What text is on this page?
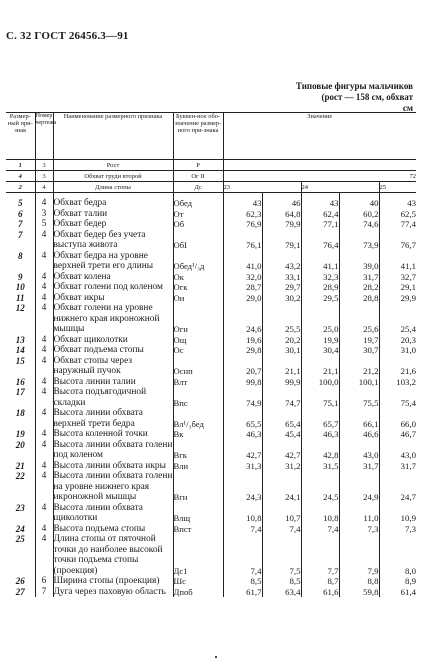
С. 32 ГОСТ 26456.3—91
Типовые фигуры мальчиков
(рост — 158 см, обхват
см
Размер-ный при-знак	Номер чертежа	Наименование размерного признака	Буквен-ное обо-значение размер-ного при-знака	Значение				
1	3	Рост	Р					
4	3	Обхват груди второй	Ог II					72
2	4	Длина стопы	Дс	23		24		25

5	4	Обхват бедра	Обед	43	46	43	40	43
6	3	Обхват талии	От	62,3	64,8	62,4	60,2	62,5
7	5	Обхват бедер	Об	76,9	79,9	77,1	74,6	77,4
7	4	Обхват бедер без учета выступа живота	ОбI	76,1	79,1	76,4	73,9	76,7
8	4	Обхват бедра на уровне верхней трети его длины	Обед¹/₃д	41,0	43,2	41,1	39,0	41,1
9	4	Обхват колена	Ок	32,0	33,1	32,3	31,7	32,7
10	4	Обхват голени под коленом	Огк	28,7	29,7	28,9	28,2	29,1
11	4	Обхват икры	Ои	29,0	30,2	29,5	28,8	29,9
12	4	Обхват голени на уровне нижнего края икроножной мышцы	Огн	24,6	25,5	25,0	25,6	25,4
13	4	Обхват щиколотки	Ощ	19,6	20,2	19,9	19,7	20,3
14	4	Обхват подъема стопы	Ос	29,8	30,1	30,4	30,7	31,0
15	4	Обхват стопы через наружный пучок	Оснп	20,7	21,1	21,1	21,2	21,6
16	4	Высота линии талии	Влт	99,8	99,9	100,0	100,1	103,2
17	4	Высота подъягодичной складки	Впс	74,9	74,7	75,1	75,5	75,4
18	4	Высота линии обхвата верхней трети бедра	Вл¹/₃бед	65,5	65,4	65,7	66,1	66,0
19	4	Высота коленной точки	Вк	46,3	45,4	46,3	46,6	46,7
20	4	Высота линии обхвата голени под коленом	Вгк	42,7	42,7	42,8	43,0	43,0
21	4	Высота линии обхвата икры	Вли	31,3	31,2	31,5	31,7	31,7
22	4	Высота линии обхвата голени на уровне нижнего края икроножной мышцы	Вгн	24,3	24,1	24,5	24,9	24,7
23	4	Высота линии обхвата щиколотки	Влщ	10,8	10,7	10,8	11,0	10,9
24	4	Высота подъема стопы	Впст	7,4	7,4	7,4	7,3	7,3
25	4	Длина стопы от пяточной точки до наиболее высокой точки подъема стопы (проекция)	Дс1	7,4	7,5	7,7	7,9	8,0
26	6	Ширина стопы (проекция)	Шс	8,5	8,5	8,7	8,8	8,9
27	7	Дуга через паховую область	Дпоб	61,7	63,4	61,6	59,8	61,4
